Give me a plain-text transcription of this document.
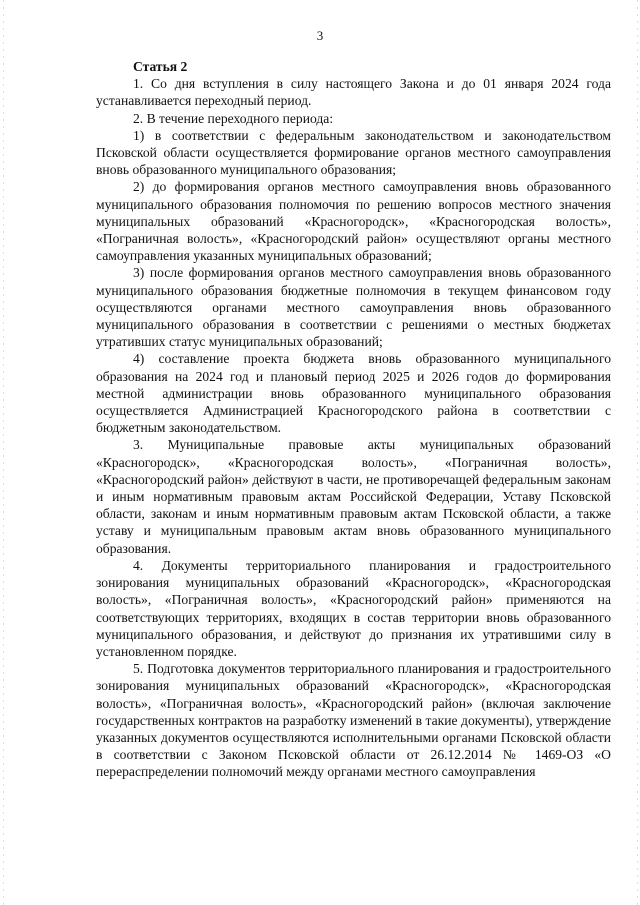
3

Статья 2

1. Со дня вступления в силу настоящего Закона и до 01 января 2024 года устанавливается переходный период.

2. В течение переходного периода:

1) в соответствии с федеральным законодательством и законодательством Псковской области осуществляется формирование органов местного самоуправления вновь образованного муниципального образования;

2) до формирования органов местного самоуправления вновь образованного муниципального образования полномочия по решению вопросов местного значения муниципальных образований «Красногородск», «Красногородская волость», «Пограничная волость», «Красногородский район» осуществляют органы местного самоуправления указанных муниципальных образований;

3) после формирования органов местного самоуправления вновь образованного муниципального образования бюджетные полномочия в текущем финансовом году осуществляются органами местного самоуправления вновь образованного муниципального образования в соответствии с решениями о местных бюджетах утративших статус муниципальных образований;

4) составление проекта бюджета вновь образованного муниципального образования на 2024 год и плановый период 2025 и 2026 годов до формирования местной администрации вновь образованного муниципального образования осуществляется Администрацией Красногородского района в соответствии с бюджетным законодательством.

3. Муниципальные правовые акты муниципальных образований «Красногородск», «Красногородская волость», «Пограничная волость», «Красногородский район» действуют в части, не противоречащей федеральным законам и иным нормативным правовым актам Российской Федерации, Уставу Псковской области, законам и иным нормативным правовым актам Псковской области, а также уставу и муниципальным правовым актам вновь образованного муниципального образования.

4. Документы территориального планирования и градостроительного зонирования муниципальных образований «Красногородск», «Красногородская волость», «Пограничная волость», «Красногородский район» применяются на соответствующих территориях, входящих в состав территории вновь образованного муниципального образования, и действуют до признания их утратившими силу в установленном порядке.

5. Подготовка документов территориального планирования и градостроительного зонирования муниципальных образований «Красногородск», «Красногородская волость», «Пограничная волость», «Красногородский район» (включая заключение государственных контрактов на разработку изменений в такие документы), утверждение указанных документов осуществляются исполнительными органами Псковской области в соответствии с Законом Псковской области от 26.12.2014 № 1469-ОЗ «О перераспределении полномочий между органами местного самоуправления
